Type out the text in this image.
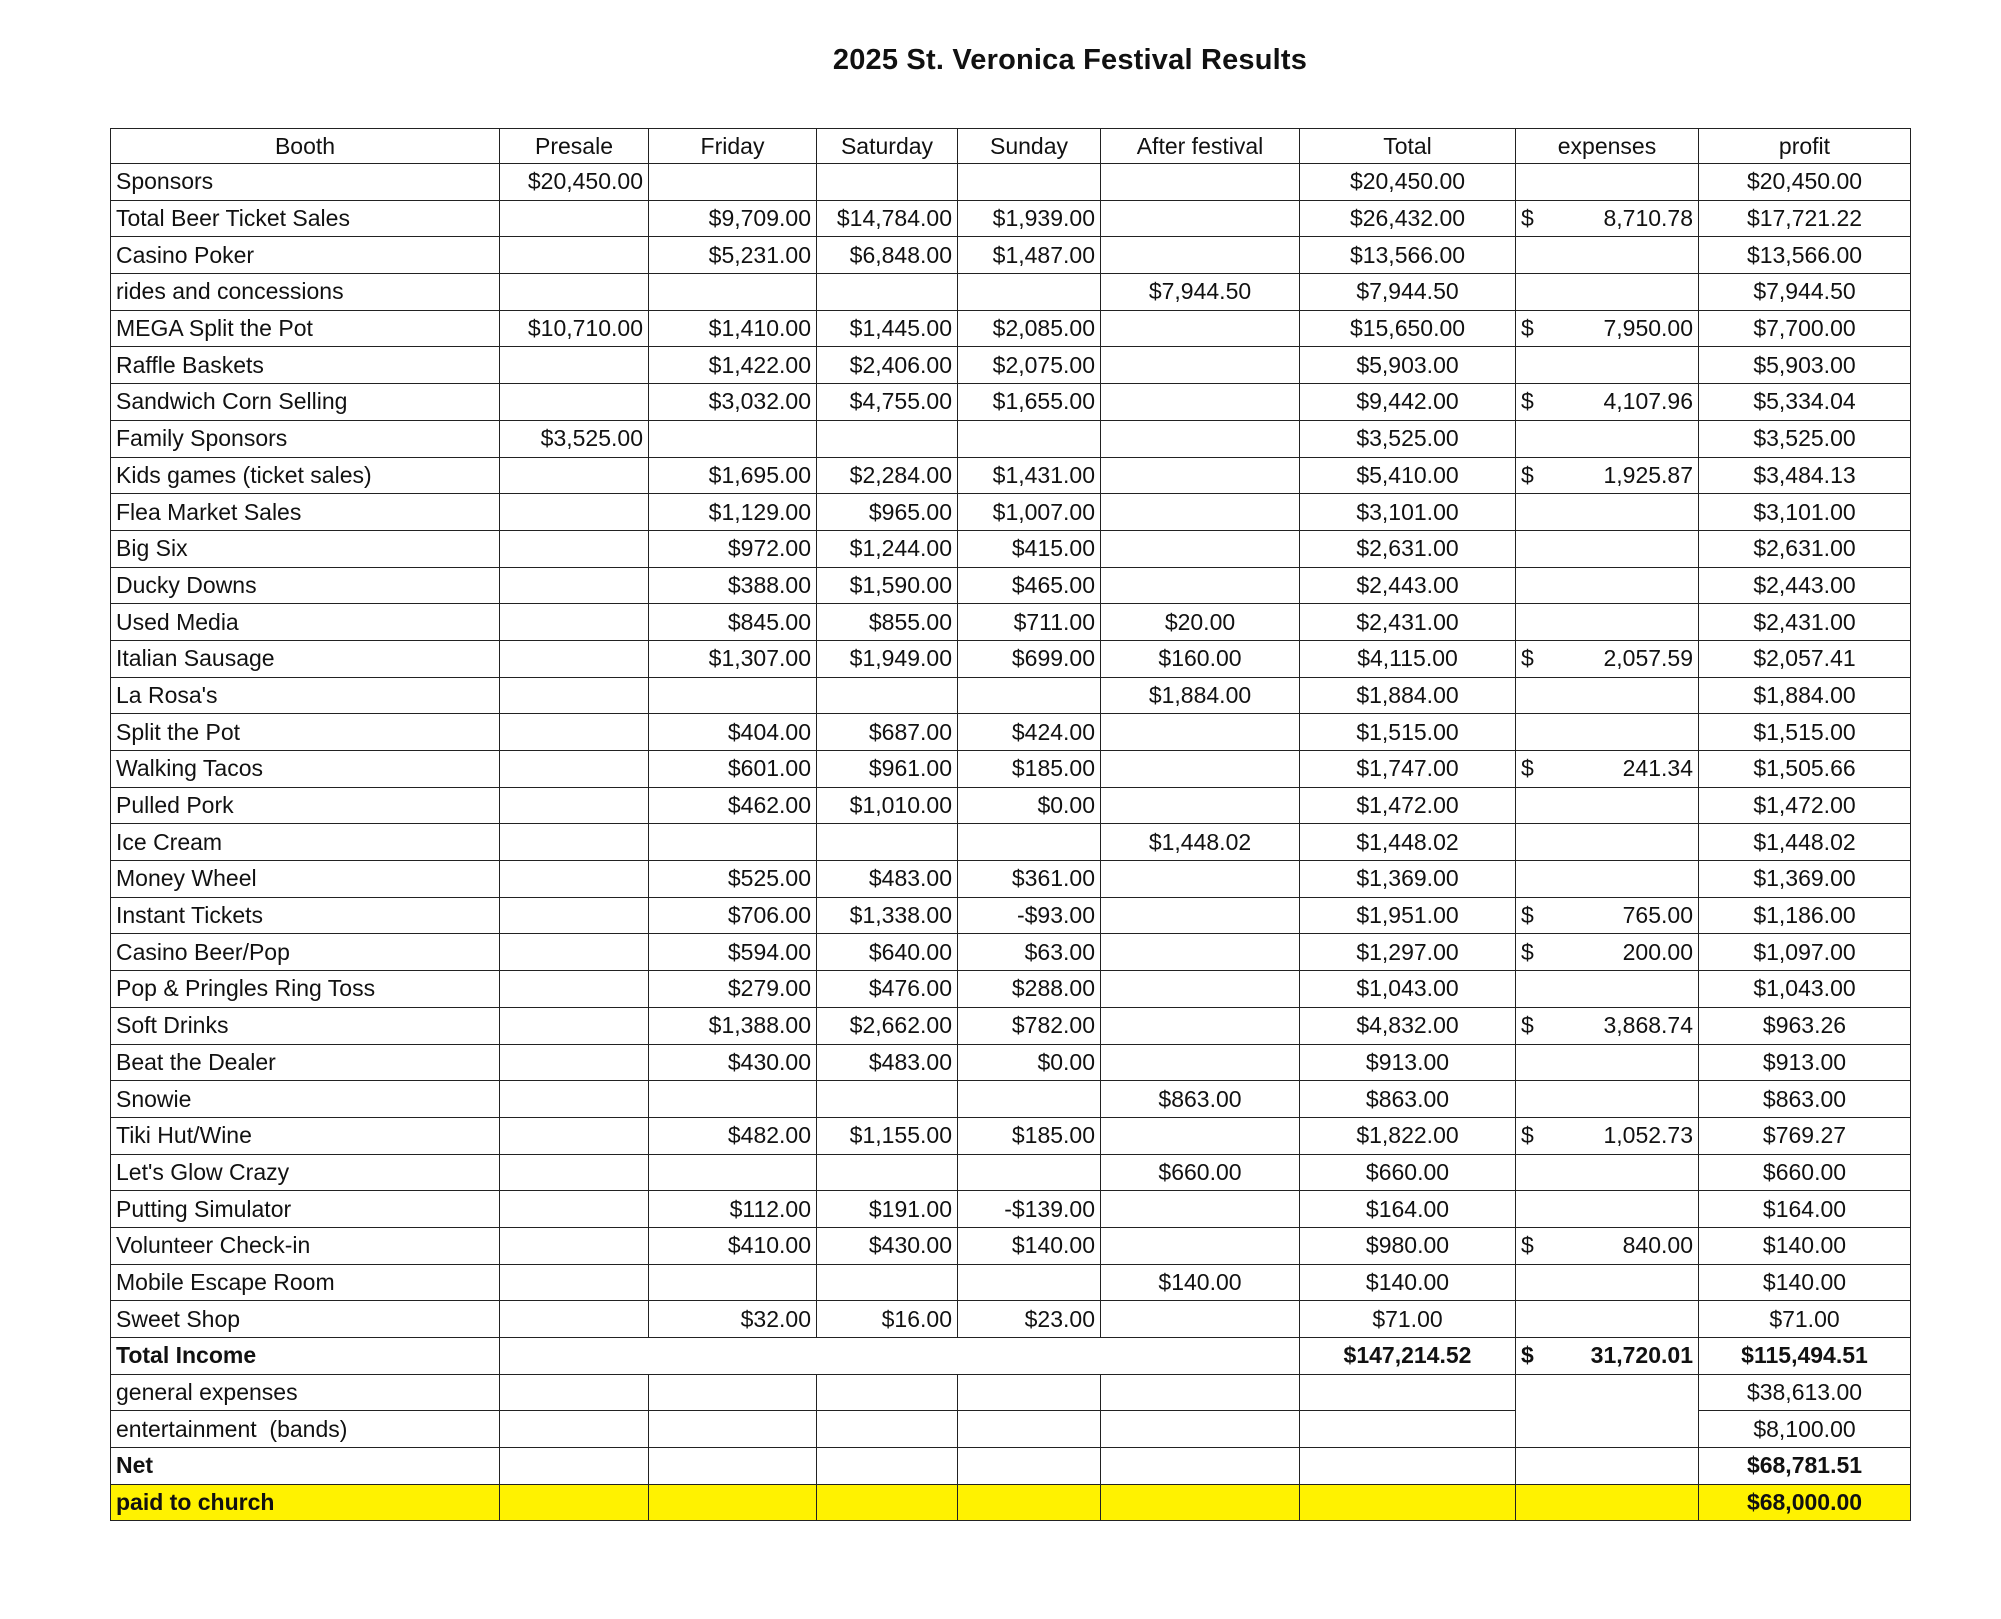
2025 St. Veronica Festival Results
Booth	Presale	Friday	Saturday	Sunday	After festival	Total	expenses	profit
Sponsors	$20,450.00					$20,450.00		$20,450.00
Total Beer Ticket Sales		$9,709.00	$14,784.00	$1,939.00		$26,432.00	$ 8,710.78	$17,721.22
Casino Poker		$5,231.00	$6,848.00	$1,487.00		$13,566.00		$13,566.00
rides and concessions					$7,944.50	$7,944.50		$7,944.50
MEGA Split the Pot	$10,710.00	$1,410.00	$1,445.00	$2,085.00		$15,650.00	$ 7,950.00	$7,700.00
Raffle Baskets		$1,422.00	$2,406.00	$2,075.00		$5,903.00		$5,903.00
Sandwich Corn Selling		$3,032.00	$4,755.00	$1,655.00		$9,442.00	$ 4,107.96	$5,334.04
Family Sponsors	$3,525.00					$3,525.00		$3,525.00
Kids games (ticket sales)		$1,695.00	$2,284.00	$1,431.00		$5,410.00	$ 1,925.87	$3,484.13
Flea Market Sales		$1,129.00	$965.00	$1,007.00		$3,101.00		$3,101.00
Big Six		$972.00	$1,244.00	$415.00		$2,631.00		$2,631.00
Ducky Downs		$388.00	$1,590.00	$465.00		$2,443.00		$2,443.00
Used Media		$845.00	$855.00	$711.00	$20.00	$2,431.00		$2,431.00
Italian Sausage		$1,307.00	$1,949.00	$699.00	$160.00	$4,115.00	$ 2,057.59	$2,057.41
La Rosa's					$1,884.00	$1,884.00		$1,884.00
Split the Pot		$404.00	$687.00	$424.00		$1,515.00		$1,515.00
Walking Tacos		$601.00	$961.00	$185.00		$1,747.00	$ 241.34	$1,505.66
Pulled Pork		$462.00	$1,010.00	$0.00		$1,472.00		$1,472.00
Ice Cream					$1,448.02	$1,448.02		$1,448.02
Money Wheel		$525.00	$483.00	$361.00		$1,369.00		$1,369.00
Instant Tickets		$706.00	$1,338.00	-$93.00		$1,951.00	$ 765.00	$1,186.00
Casino Beer/Pop		$594.00	$640.00	$63.00		$1,297.00	$ 200.00	$1,097.00
Pop & Pringles Ring Toss		$279.00	$476.00	$288.00		$1,043.00		$1,043.00
Soft Drinks		$1,388.00	$2,662.00	$782.00		$4,832.00	$ 3,868.74	$963.26
Beat the Dealer		$430.00	$483.00	$0.00		$913.00		$913.00
Snowie					$863.00	$863.00		$863.00
Tiki Hut/Wine		$482.00	$1,155.00	$185.00		$1,822.00	$ 1,052.73	$769.27
Let's Glow Crazy					$660.00	$660.00		$660.00
Putting Simulator		$112.00	$191.00	-$139.00		$164.00		$164.00
Volunteer Check-in		$410.00	$430.00	$140.00		$980.00	$ 840.00	$140.00
Mobile Escape Room					$140.00	$140.00		$140.00
Sweet Shop		$32.00	$16.00	$23.00		$71.00		$71.00
Total Income						$147,214.52	$ 31,720.01	$115,494.51
general expenses								$38,613.00
entertainment  (bands)								$8,100.00
Net								$68,781.51
paid to church								$68,000.00
